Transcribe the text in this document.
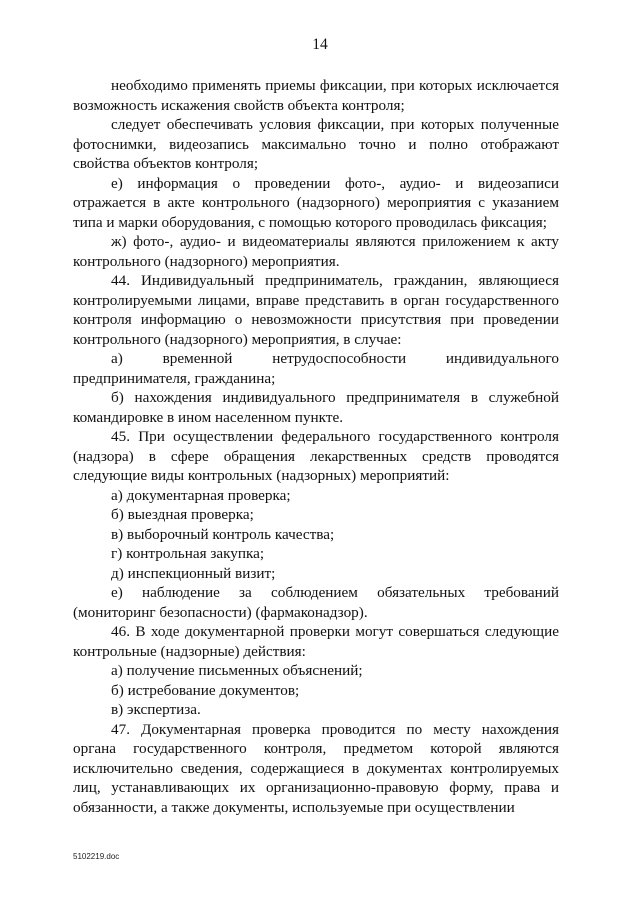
14

необходимо применять приемы фиксации, при которых исключается возможность искажения свойств объекта контроля;

следует обеспечивать условия фиксации, при которых полученные фотоснимки, видеозапись максимально точно и полно отображают свойства объектов контроля;

е) информация о проведении фото-, аудио- и видеозаписи отражается в акте контрольного (надзорного) мероприятия с указанием типа и марки оборудования, с помощью которого проводилась фиксация;

ж) фото-, аудио- и видеоматериалы являются приложением к акту контрольного (надзорного) мероприятия.

44. Индивидуальный предприниматель, гражданин, являющиеся контролируемыми лицами, вправе представить в орган государственного контроля информацию о невозможности присутствия при проведении контрольного (надзорного) мероприятия, в случае:

а) временной нетрудоспособности индивидуального предпринимателя, гражданина;

б) нахождения индивидуального предпринимателя в служебной командировке в ином населенном пункте.

45. При осуществлении федерального государственного контроля (надзора) в сфере обращения лекарственных средств проводятся следующие виды контрольных (надзорных) мероприятий:

а) документарная проверка;

б) выездная проверка;

в) выборочный контроль качества;

г) контрольная закупка;

д) инспекционный визит;

е) наблюдение за соблюдением обязательных требований (мониторинг безопасности) (фармаконадзор).

46. В ходе документарной проверки могут совершаться следующие контрольные (надзорные) действия:

а) получение письменных объяснений;

б) истребование документов;

в) экспертиза.

47. Документарная проверка проводится по месту нахождения органа государственного контроля, предметом которой являются исключительно сведения, содержащиеся в документах контролируемых лиц, устанавливающих их организационно-правовую форму, права и обязанности, а также документы, используемые при осуществлении

5102219.doc
